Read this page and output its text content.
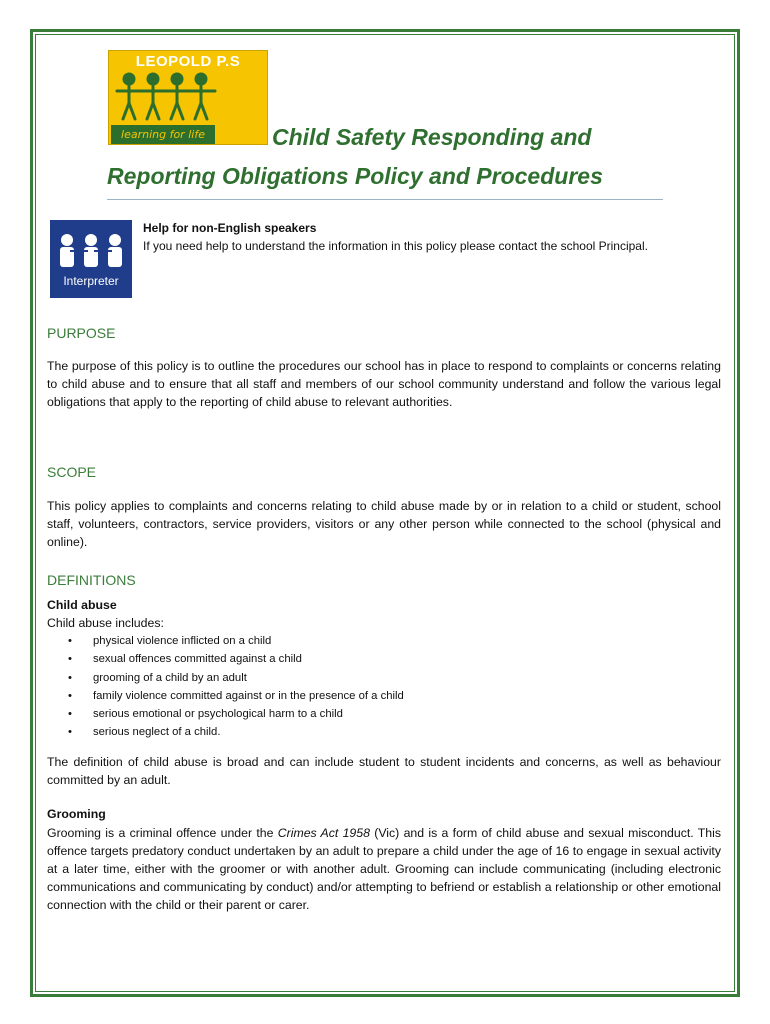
LEOPOLD P.S
learning for life	Child Safety Responding and
Reporting Obligations Policy and Procedures
Interpreter
Help for non-English speakers
If you need help to understand the information in this policy please contact the school Principal.
PURPOSE
The purpose of this policy is to outline the procedures our school has in place to respond to complaints or concerns relating to child abuse and to ensure that all staff and members of our school community understand and follow the various legal obligations that apply to the reporting of child abuse to relevant authorities.
SCOPE
This policy applies to complaints and concerns relating to child abuse made by or in relation to a child or student, school staff, volunteers, contractors, service providers, visitors or any other person while connected to the school (physical and online).
DEFINITIONS
Child abuse
Child abuse includes:
• physical violence inflicted on a child
• sexual offences committed against a child
• grooming of a child by an adult
• family violence committed against or in the presence of a child
• serious emotional or psychological harm to a child
• serious neglect of a child.
The definition of child abuse is broad and can include student to student incidents and concerns, as well as behaviour committed by an adult.
Grooming
Grooming is a criminal offence under the Crimes Act 1958 (Vic) and is a form of child abuse and sexual misconduct. This offence targets predatory conduct undertaken by an adult to prepare a child under the age of 16 to engage in sexual activity at a later time, either with the groomer or with another adult. Grooming can include communicating (including electronic communications and communicating by conduct) and/or attempting to befriend or establish a relationship or other emotional connection with the child or their parent or carer.
